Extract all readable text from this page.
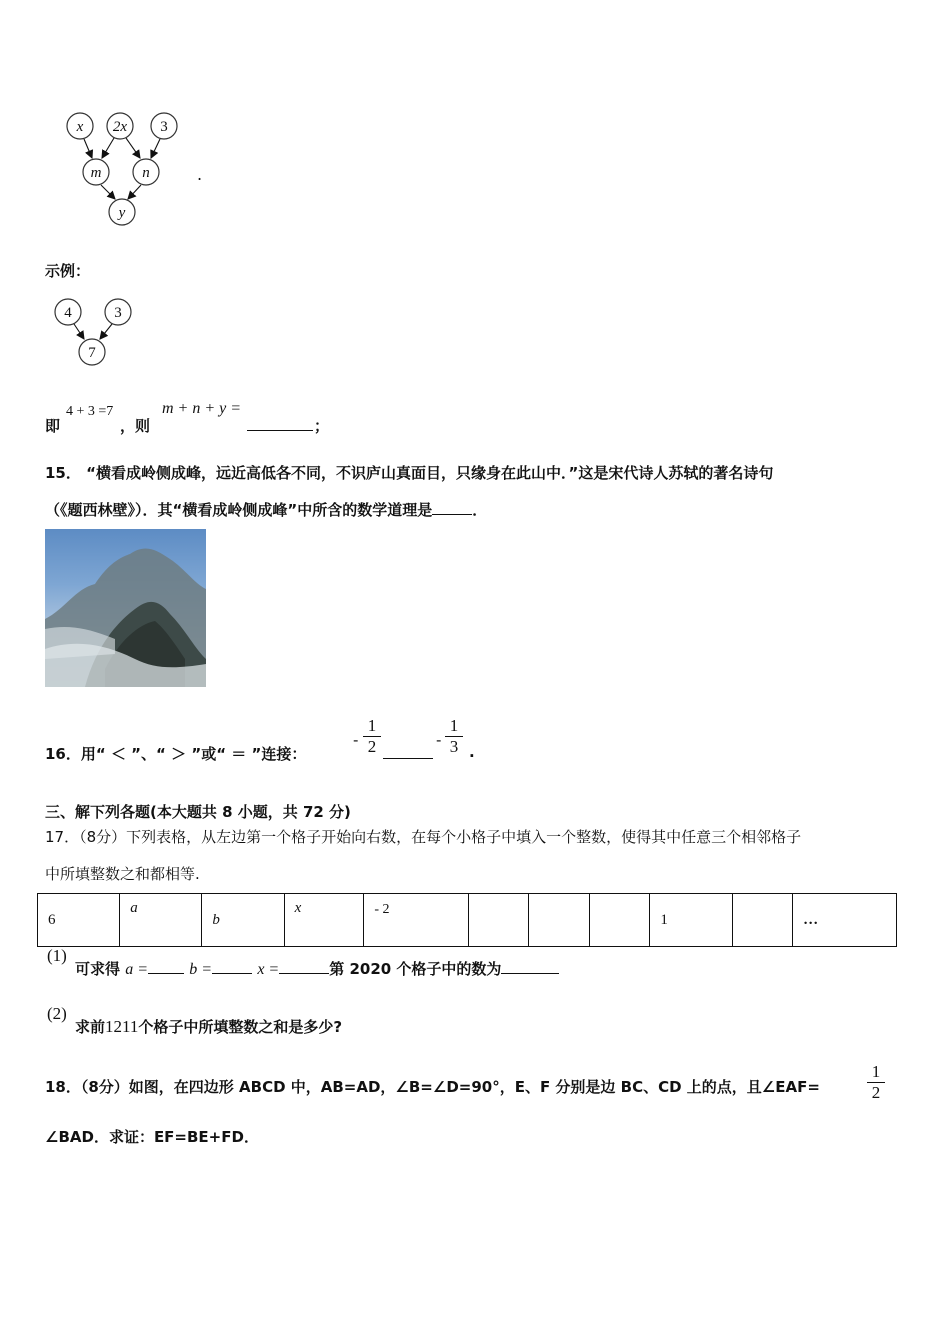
x 2x 3
m	n
y
.
示例：
4	3
7
即
4 + 3 =7
，则
m + n + y =
；
15． “横看成岭侧成峰，远近高低各不同，不识庐山真面目，只缘身在此山中．”这是宋代诗人苏轼的著名诗句
（《题西林壁》）．其“横看成岭侧成峰”中所含的数学道理是	．
16．用“ ＜ ”、“ ＞ ”或“ ＝ ”连接：
-
1
2	-
1
3 .
三、解下列各题(本大题共 8 小题，共 72 分)
17．（8分）下列表格，从左边第一个格子开始向右数，在每个小格子中填入一个整数，使得其中任意三个相邻格子
中所填整数之和都相等.
6	a	b	x	- 2				1		…
(1)
可求得 a =	b =	x =	第 2020 个格子中的数为
(2)
求前1211个格子中所填整数之和是多少?
18．（8分）如图，在四边形 ABCD 中，AB=AD，∠B=∠D=90°，E、F 分别是边 BC、CD 上的点，且∠EAF=
1
2
∠BAD．求证：EF=BE+FD．
